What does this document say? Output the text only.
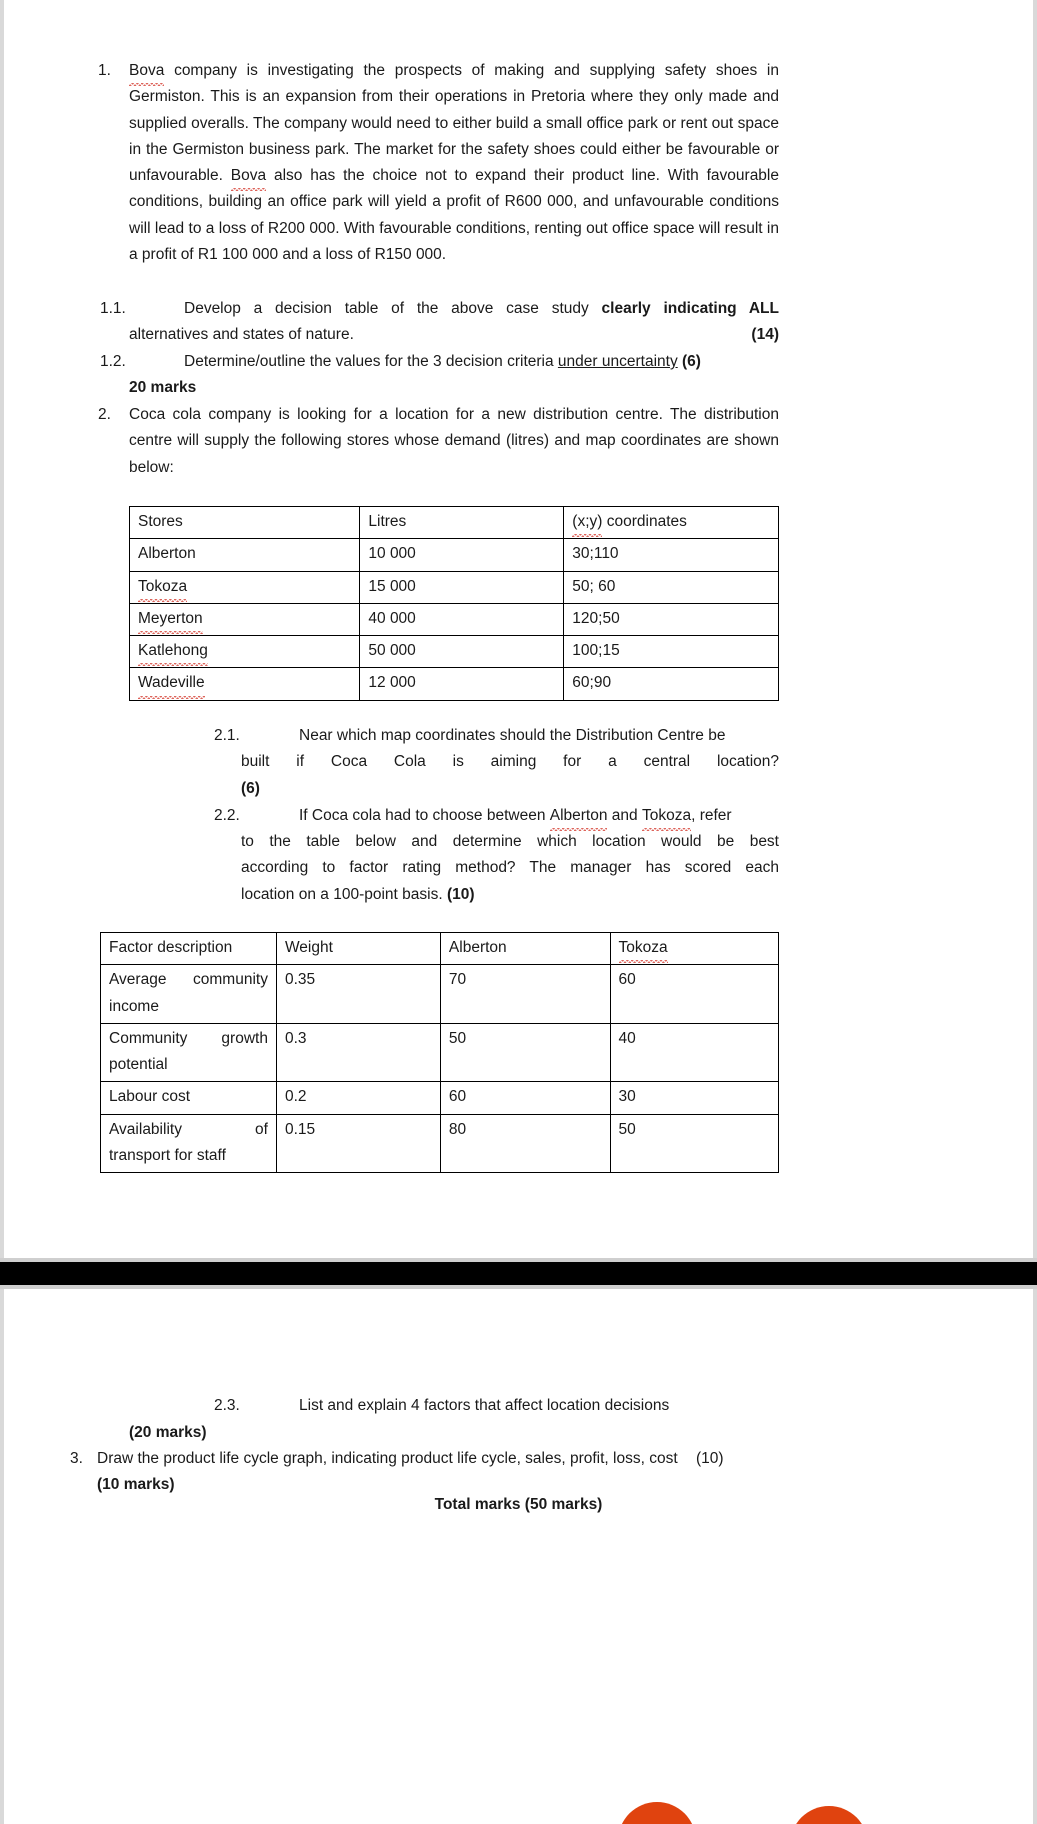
1. Bova company is investigating the prospects of making and supplying safety shoes in Germiston. This is an expansion from their operations in Pretoria where they only made and supplied overalls. The company would need to either build a small office park or rent out space in the Germiston business park. The market for the safety shoes could either be favourable or unfavourable. Bova also has the choice not to expand their product line. With favourable conditions, building an office park will yield a profit of R600 000, and unfavourable conditions will lead to a loss of R200 000. With favourable conditions, renting out office space will result in a profit of R1 100 000 and a loss of R150 000.
1.1.	Develop a decision table of the above case study clearly indicating ALL
alternatives and states of nature.	(14)
1.2.	Determine/outline the values for the 3 decision criteria under uncertainty (6)
20 marks
2. Coca cola company is looking for a location for a new distribution centre. The distribution centre will supply the following stores whose demand (litres) and map coordinates are shown below:
Stores	Litres	(x;y) coordinates
Alberton	10 000	30;110
Tokoza	15 000	50; 60
Meyerton	40 000	120;50
Katlehong	50 000	100;15
Wadeville	12 000	60;90
2.1.	Near which map coordinates should the Distribution Centre be
built if Coca Cola is aiming for a central location?
(6)
2.2.	If Coca cola had to choose between Alberton and Tokoza, refer
to the table below and determine which location would be best
according to factor rating method? The manager has scored each
location on a 100-point basis. (10)
Factor description	Weight	Alberton	Tokoza

Average community
income	0.35	70	60

Community growth
potential	0.3	50	40

Labour cost	0.2	60	30

Availability of
transport for staff	0.15	80	50
2.3.	List and explain 4 factors that affect location decisions
(20 marks)
3. Draw the product life cycle graph, indicating product life cycle, sales, profit, loss, cost (10)
(10 marks)
Total marks (50 marks)
